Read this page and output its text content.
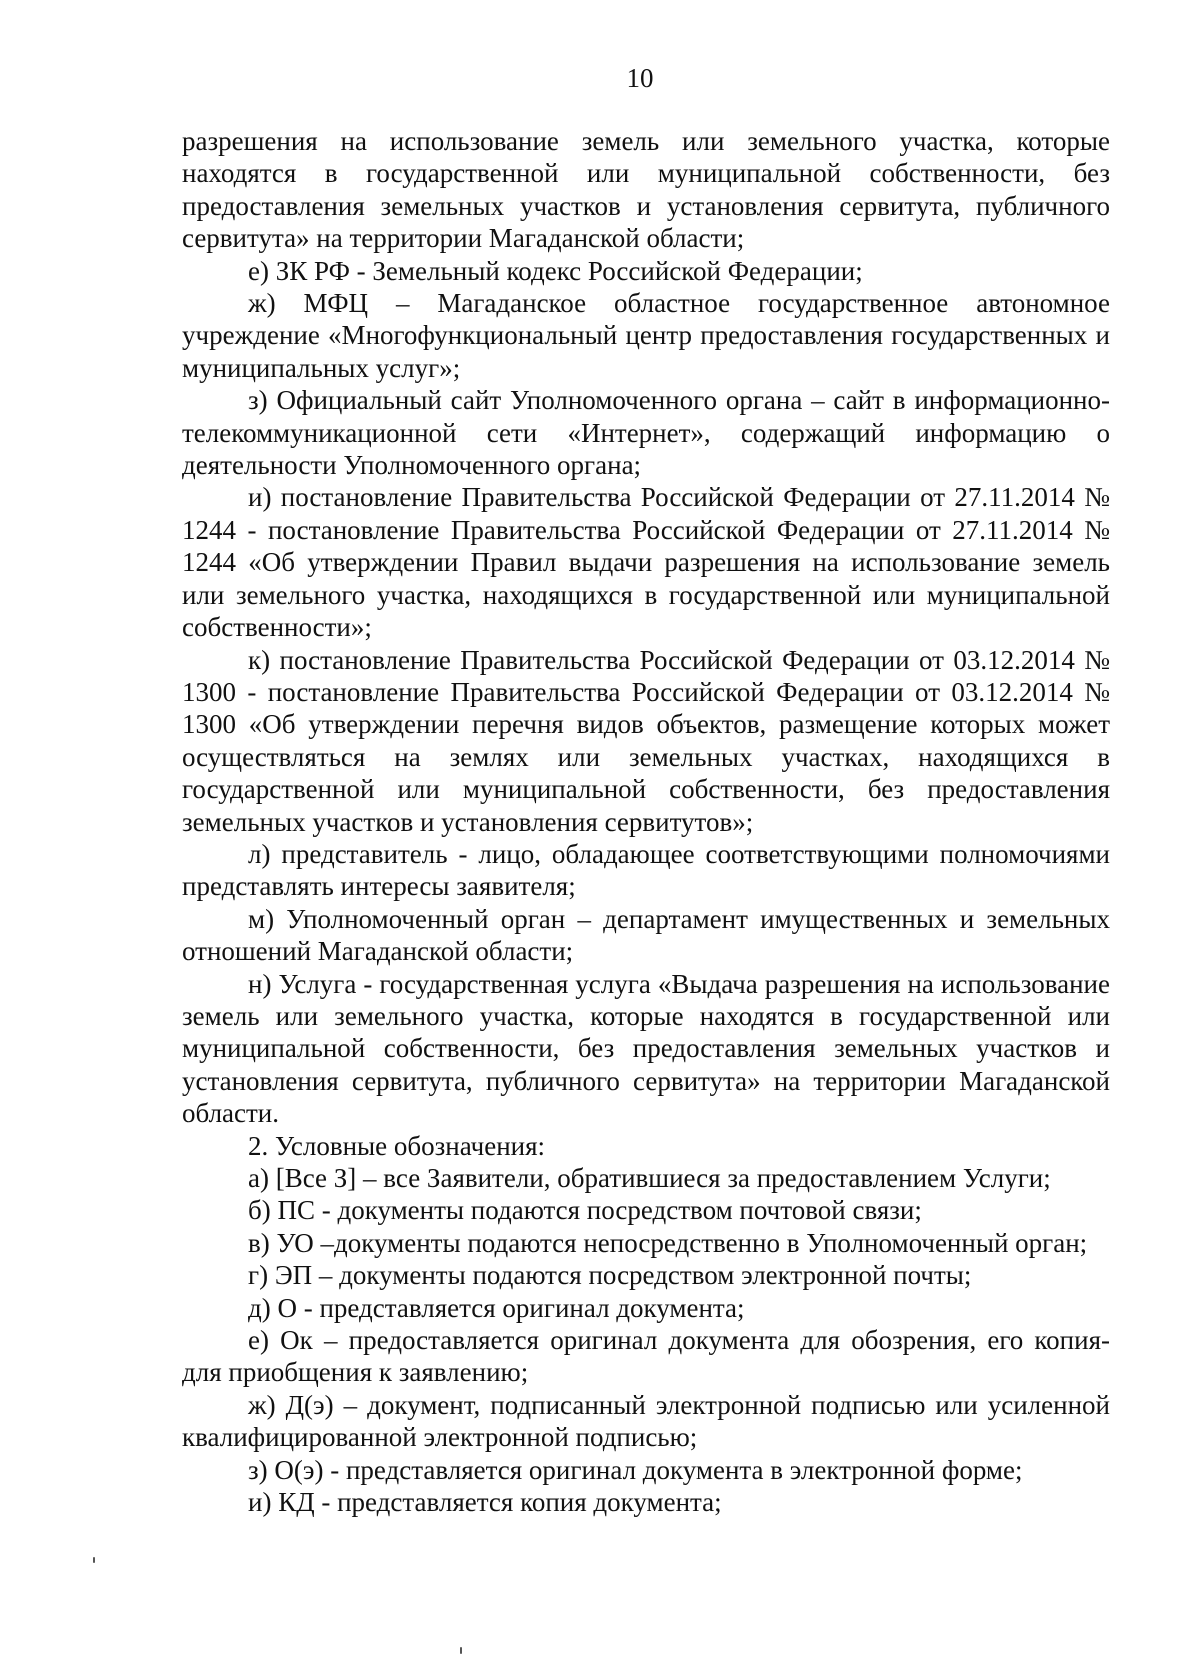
10

разрешения на использование земель или земельного участка, которые находятся в государственной или муниципальной собственности, без предоставления земельных участков и установления сервитута, публичного сервитута» на территории Магаданской области;

е) ЗК РФ - Земельный кодекс Российской Федерации;

ж) МФЦ – Магаданское областное государственное автономное учреждение «Многофункциональный центр предоставления государственных и муниципальных услуг»;

з) Официальный сайт Уполномоченного органа – сайт в информационно-телекоммуникационной сети «Интернет», содержащий информацию о деятельности Уполномоченного органа;

и) постановление Правительства Российской Федерации от 27.11.2014 № 1244 - постановление Правительства Российской Федерации от 27.11.2014 № 1244 «Об утверждении Правил выдачи разрешения на использование земель или земельного участка, находящихся в государственной или муниципальной собственности»;

к) постановление Правительства Российской Федерации от 03.12.2014 № 1300 - постановление Правительства Российской Федерации от 03.12.2014 № 1300 «Об утверждении перечня видов объектов, размещение которых может осуществляться на землях или земельных участках, находящихся в государственной или муниципальной собственности, без предоставления земельных участков и установления сервитутов»;

л) представитель - лицо, обладающее соответствующими полномочиями представлять интересы заявителя;

м) Уполномоченный орган – департамент имущественных и земельных отношений Магаданской области;

н) Услуга - государственная услуга «Выдача разрешения на использование земель или земельного участка, которые находятся в государственной или муниципальной собственности, без предоставления земельных участков и установления сервитута, публичного сервитута» на территории Магаданской области.

2. Условные обозначения:

а) [Все З] – все Заявители, обратившиеся за предоставлением Услуги;

б) ПС - документы подаются посредством почтовой связи;

в) УО –документы подаются непосредственно в Уполномоченный орган;

г) ЭП – документы подаются посредством электронной почты;

д) О - представляется оригинал документа;

е) Ок – предоставляется оригинал документа для обозрения, его копия- для приобщения к заявлению;

ж) Д(э) – документ, подписанный электронной подписью или усиленной квалифицированной электронной подписью;

з) О(э) - представляется оригинал документа в электронной форме;

и) КД - представляется копия документа;
